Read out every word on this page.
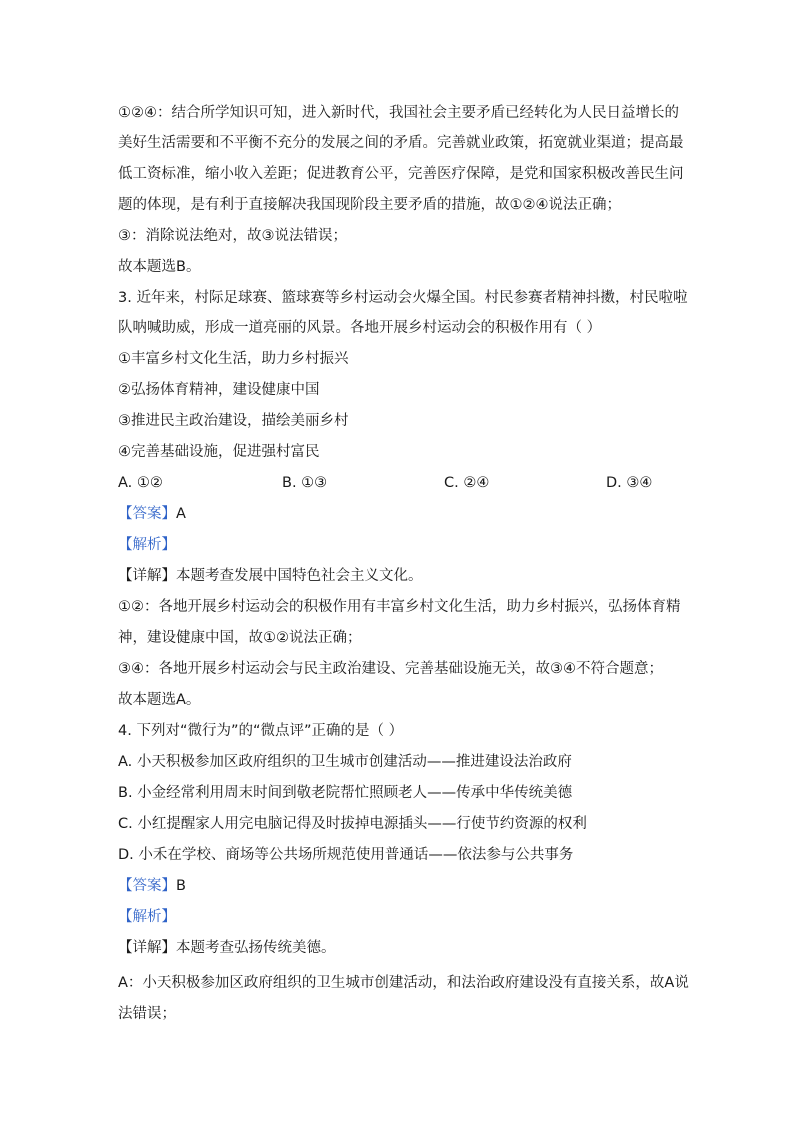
①②④：结合所学知识可知，进入新时代，我国社会主要矛盾已经转化为人民日益增长的
美好生活需要和不平衡不充分的发展之间的矛盾。完善就业政策，拓宽就业渠道；提高最
低工资标准，缩小收入差距；促进教育公平，完善医疗保障，是党和国家积极改善民生问
题的体现，是有利于直接解决我国现阶段主要矛盾的措施，故①②④说法正确；
③：消除说法绝对，故③说法错误；
故本题选B。
3. 近年来，村际足球赛、篮球赛等乡村运动会火爆全国。村民参赛者精神抖擞，村民啦啦
队呐喊助威，形成一道亮丽的风景。各地开展乡村运动会的积极作用有（ ）
①丰富乡村文化生活，助力乡村振兴
②弘扬体育精神，建设健康中国
③推进民主政治建设，描绘美丽乡村
④完善基础设施，促进强村富民
A. ①②	B. ①③	C. ②④	D. ③④
【答案】A
【解析】
【详解】本题考查发展中国特色社会主义文化。
①②：各地开展乡村运动会的积极作用有丰富乡村文化生活，助力乡村振兴，弘扬体育精
神，建设健康中国，故①②说法正确；
③④：各地开展乡村运动会与民主政治建设、完善基础设施无关，故③④不符合题意；
故本题选A。
4. 下列对“微行为”的“微点评”正确的是（ ）
A. 小天积极参加区政府组织的卫生城市创建活动——推进建设法治政府
B. 小金经常利用周末时间到敬老院帮忙照顾老人——传承中华传统美德
C. 小红提醒家人用完电脑记得及时拔掉电源插头——行使节约资源的权利
D. 小禾在学校、商场等公共场所规范使用普通话——依法参与公共事务
【答案】B
【解析】
【详解】本题考查弘扬传统美德。
A：小天积极参加区政府组织的卫生城市创建活动，和法治政府建设没有直接关系，故A说
法错误；
